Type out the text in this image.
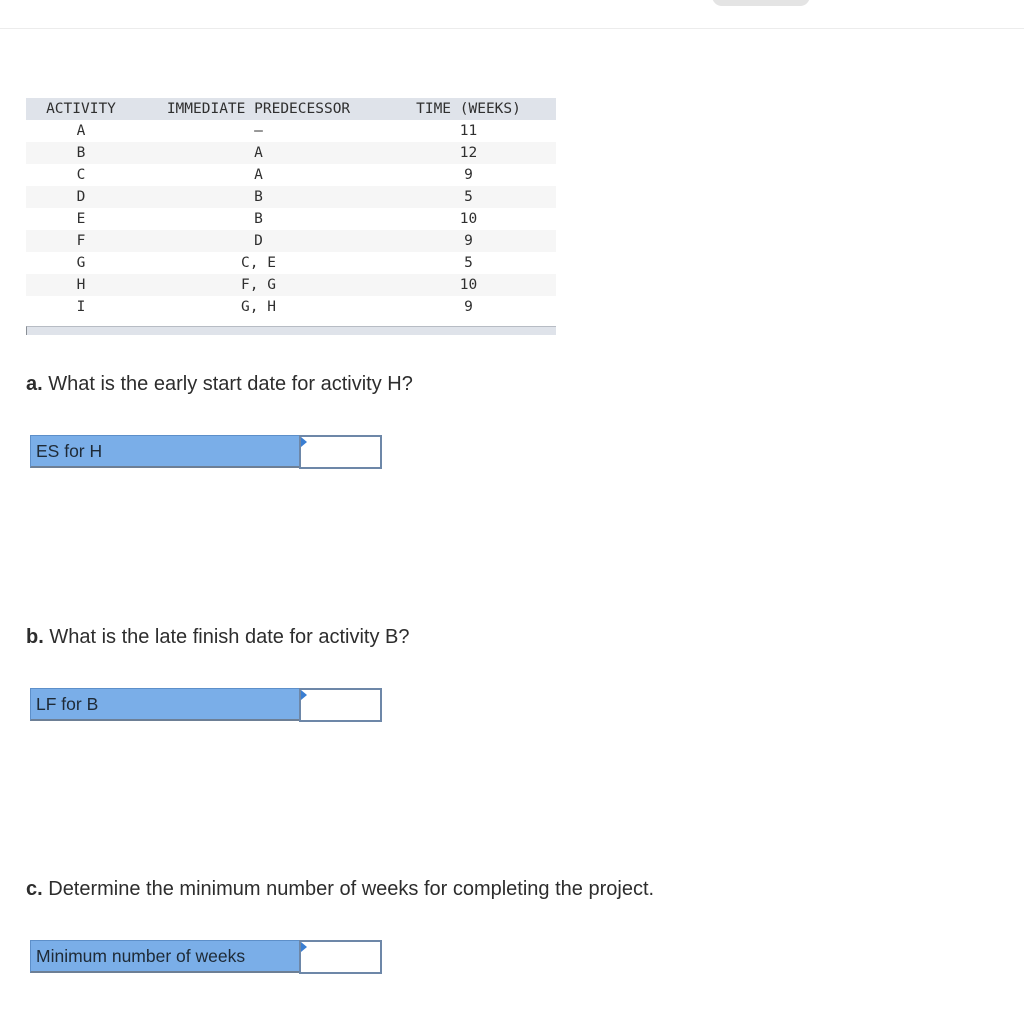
ACTIVITY	IMMEDIATE PREDECESSOR	TIME (WEEKS)
A	—	11
B	A	12
C	A	9
D	B	5
E	B	10
F	D	9
G	C, E	5
H	F, G	10
I	G, H	9
a. What is the early start date for activity H?
ES for H
b. What is the late finish date for activity B?
LF for B
c. Determine the minimum number of weeks for completing the project.
Minimum number of weeks
